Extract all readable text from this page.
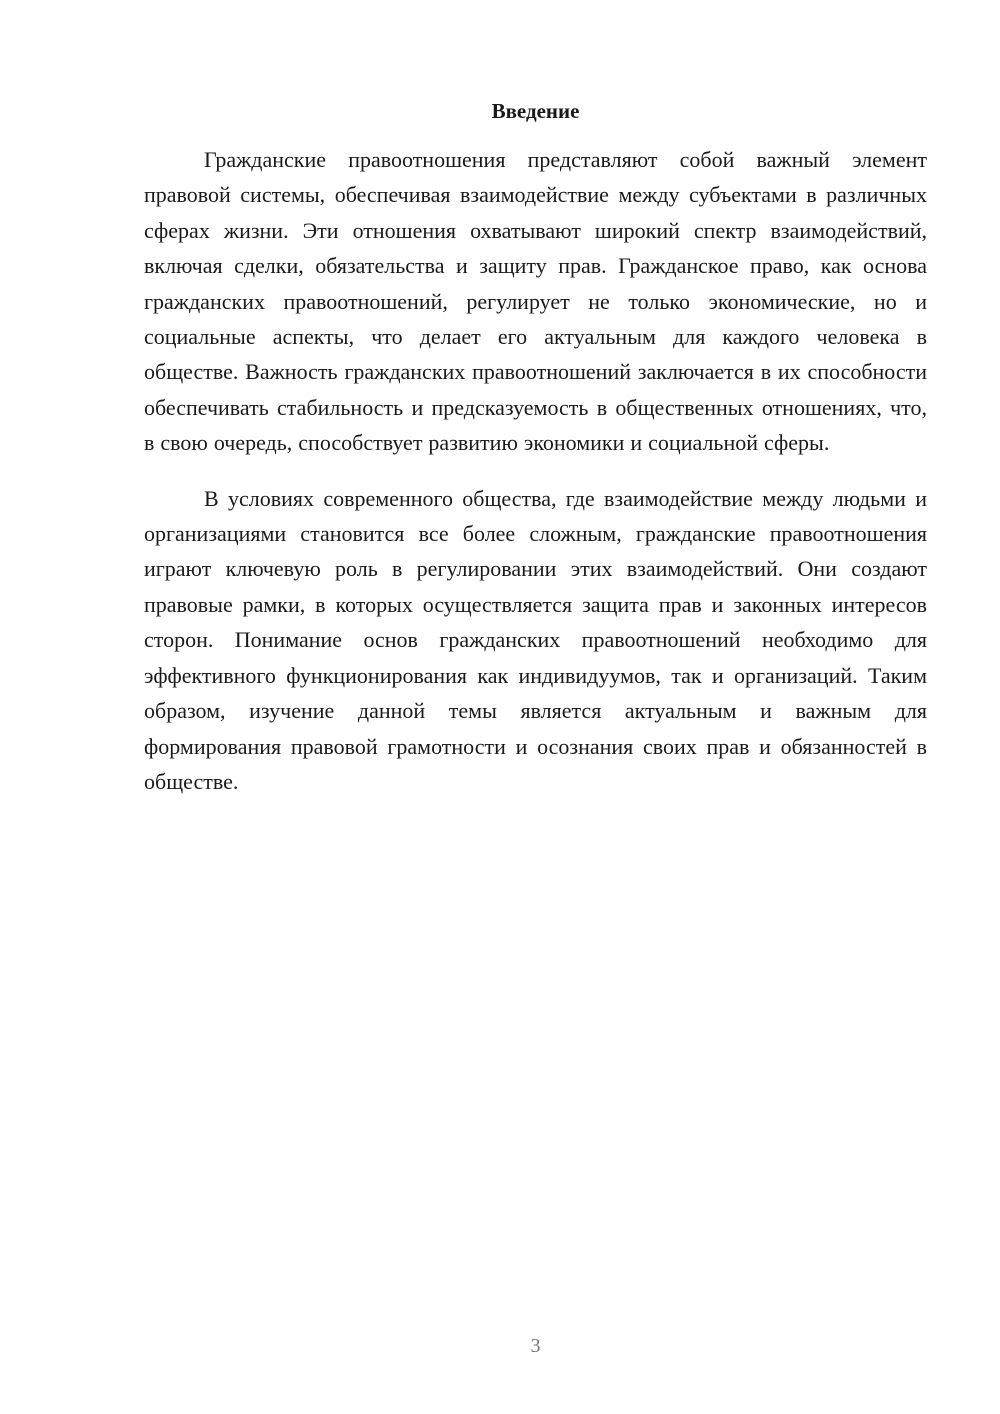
Введение

Гражданские правоотношения представляют собой важный элемент правовой системы, обеспечивая взаимодействие между субъектами в различных сферах жизни. Эти отношения охватывают широкий спектр взаимодействий, включая сделки, обязательства и защиту прав. Гражданское право, как основа гражданских правоотношений, регулирует не только экономические, но и социальные аспекты, что делает его актуальным для каждого человека в обществе. Важность гражданских правоотношений заключается в их способности обеспечивать стабильность и предсказуемость в общественных отношениях, что, в свою очередь, способствует развитию экономики и социальной сферы.

В условиях современного общества, где взаимодействие между людьми и организациями становится все более сложным, гражданские правоотношения играют ключевую роль в регулировании этих взаимодействий. Они создают правовые рамки, в которых осуществляется защита прав и законных интересов сторон. Понимание основ гражданских правоотношений необходимо для эффективного функционирования как индивидуумов, так и организаций. Таким образом, изучение данной темы является актуальным и важным для формирования правовой грамотности и осознания своих прав и обязанностей в обществе.

3
